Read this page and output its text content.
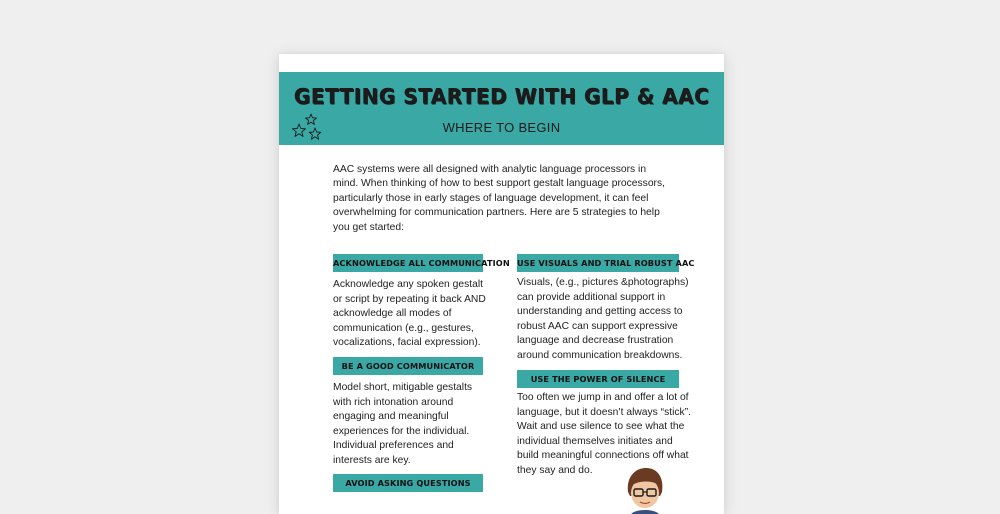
GETTING STARTED WITH GLP & AAC
WHERE TO BEGIN
AAC systems were all designed with analytic language processors in mind. When thinking of how to best support gestalt language processors, particularly those in early stages of language development, it can feel overwhelming for communication partners. Here are 5 strategies to help you get started:
ACKNOWLEDGE ALL COMMUNICATION
Acknowledge any spoken gestalt or script by repeating it back AND acknowledge all modes of communication (e.g., gestures, vocalizations, facial expression).
BE A GOOD COMMUNICATOR
Model short, mitigable gestalts with rich intonation around engaging and meaningful experiences for the individual. Individual preferences and interests are key.
AVOID ASKING QUESTIONS
USE VISUALS AND TRIAL ROBUST AAC
Visuals, (e.g., pictures &photographs) can provide additional support in understanding and getting access to robust AAC can support expressive language and decrease frustration around communication breakdowns.
USE THE POWER OF SILENCE
Too often we jump in and offer a lot of language, but it doesn’t always “stick”. Wait and use silence to see what the individual themselves initiates and build meaningful connections off what they say and do.
